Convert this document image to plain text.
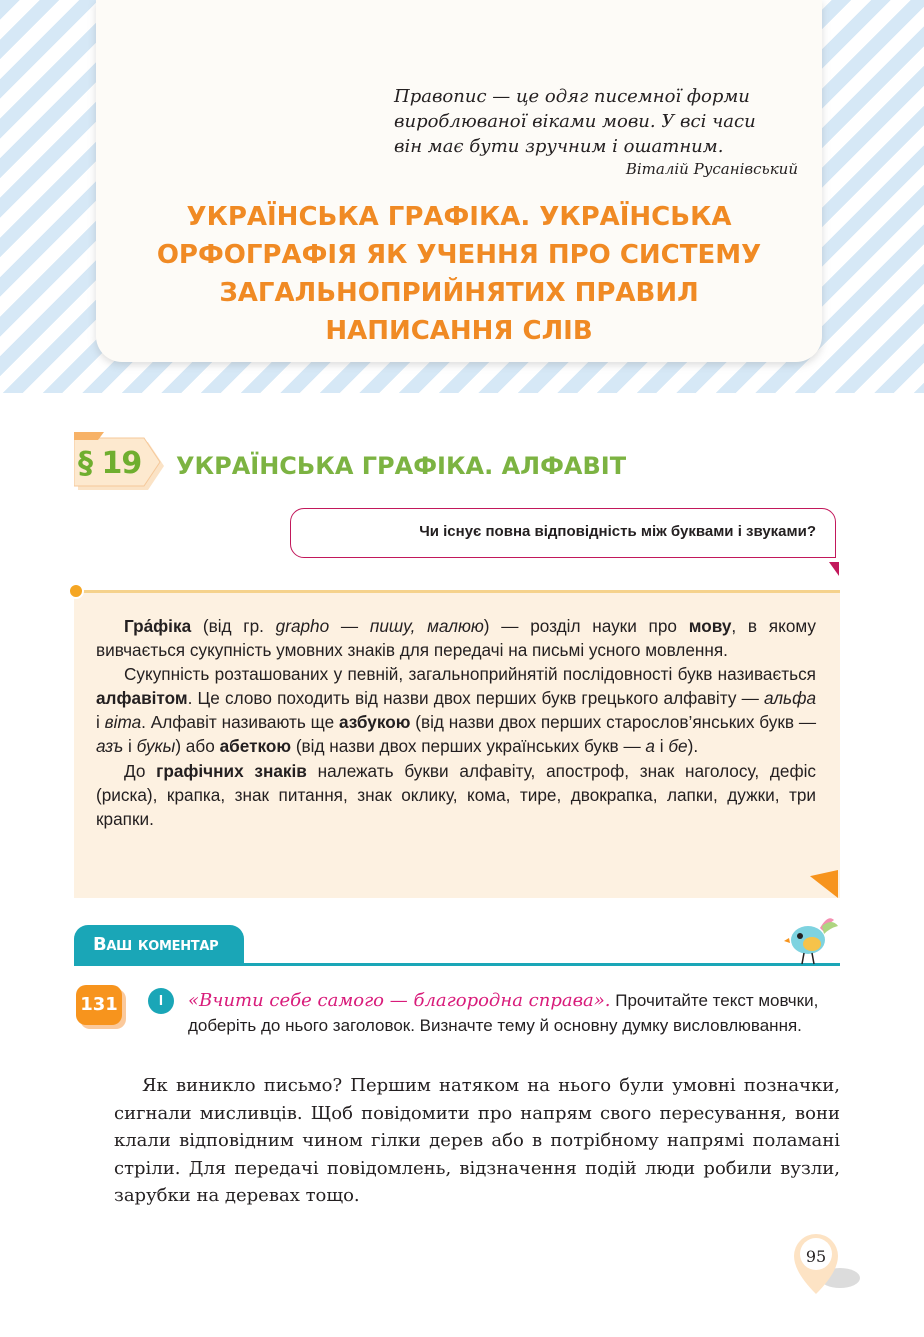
Правопис — це одяг писемної форми
вироблюваної віками мови. У всі часи
він має бути зручним і ошатним.
Віталій Русанівський
УКРАЇНСЬКА ГРАФІКА. УКРАЇНСЬКА
ОРФОГРАФІЯ ЯК УЧЕННЯ ПРО СИСТЕМУ
ЗАГАЛЬНОПРИЙНЯТИХ ПРАВИЛ
НАПИСАННЯ СЛІВ
§ 19 УКРАЇНСЬКА ГРАФІКА. АЛФАВІТ
Чи існує повна відповідність між буквами і звуками?

Гра́фіка (від гр. grapho — пишу, малюю) — розділ науки про мову, в якому вивчається сукупність умовних знаків для передачі на письмі усного мовлення.

Сукупність розташованих у певній, загальноприйнятій послідовності букв називається алфавітом. Це слово походить від назви двох перших букв грецького алфавіту — альфа і віта. Алфавіт називають ще азбукою (від назви двох перших старослов’янських букв — азъ і букы) або абеткою (від назви двох перших українських букв — а і бе).

До графічних знаків належать букви алфавіту, апостроф, знак наголосу, дефіс (риска), крапка, знак питання, знак оклику, кома, тире, двокрапка, лапки, дужки, три крапки.

Ваш коментар
131	I	«Вчити себе самого — благородна справа». Прочитайте текст мовчки, доберіть до нього заголовок. Визначте тему й основну думку висловлювання.

Як виникло письмо? Першим натяком на нього були умовні позначки, сигнали мисливців. Щоб повідомити про напрям свого пересування, вони клали відповідним чином гілки дерев або в потрібному напрямі поламані стріли. Для передачі повідомлень, відзначення подій люди робили вузли, зарубки на деревах тощо.

95
